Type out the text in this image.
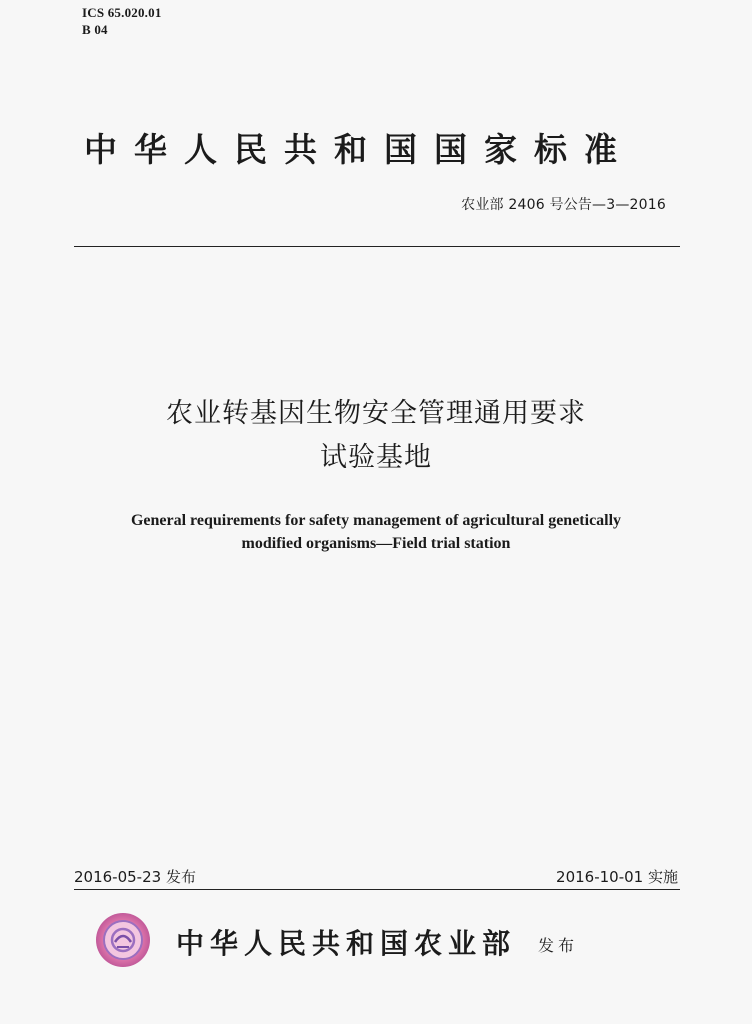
ICS 65.020.01
B 04
中华人民共和国国家标准
农业部 2406 号公告—3—2016
农业转基因生物安全管理通用要求
试验基地
General requirements for safety management of agricultural genetically
modified organisms—Field trial station
2016-05-23 发布	2016-10-01 实施
中华人民共和国农业部 发布
